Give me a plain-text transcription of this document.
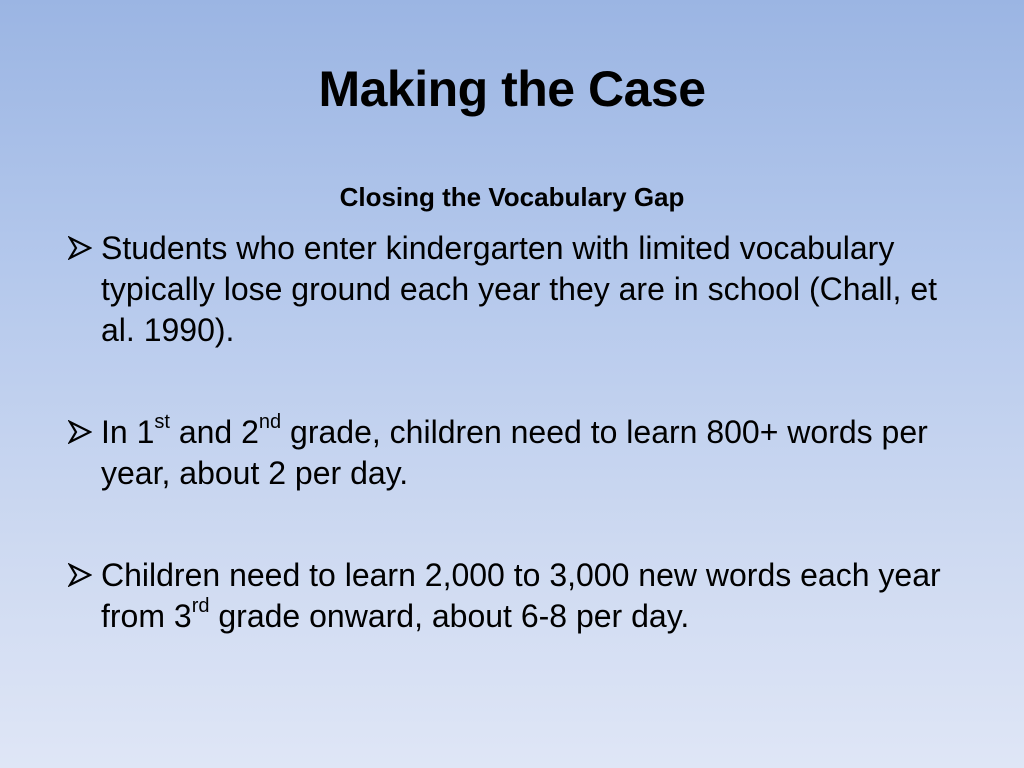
Making the Case
Closing the Vocabulary Gap
Students who enter kindergarten with limited vocabulary typically lose ground each year they are in school (Chall, et al. 1990).
In 1st and 2nd grade, children need to learn 800+ words per year, about 2 per day.
Children need to learn 2,000 to 3,000 new words each year from 3rd grade onward, about 6-8 per day.
